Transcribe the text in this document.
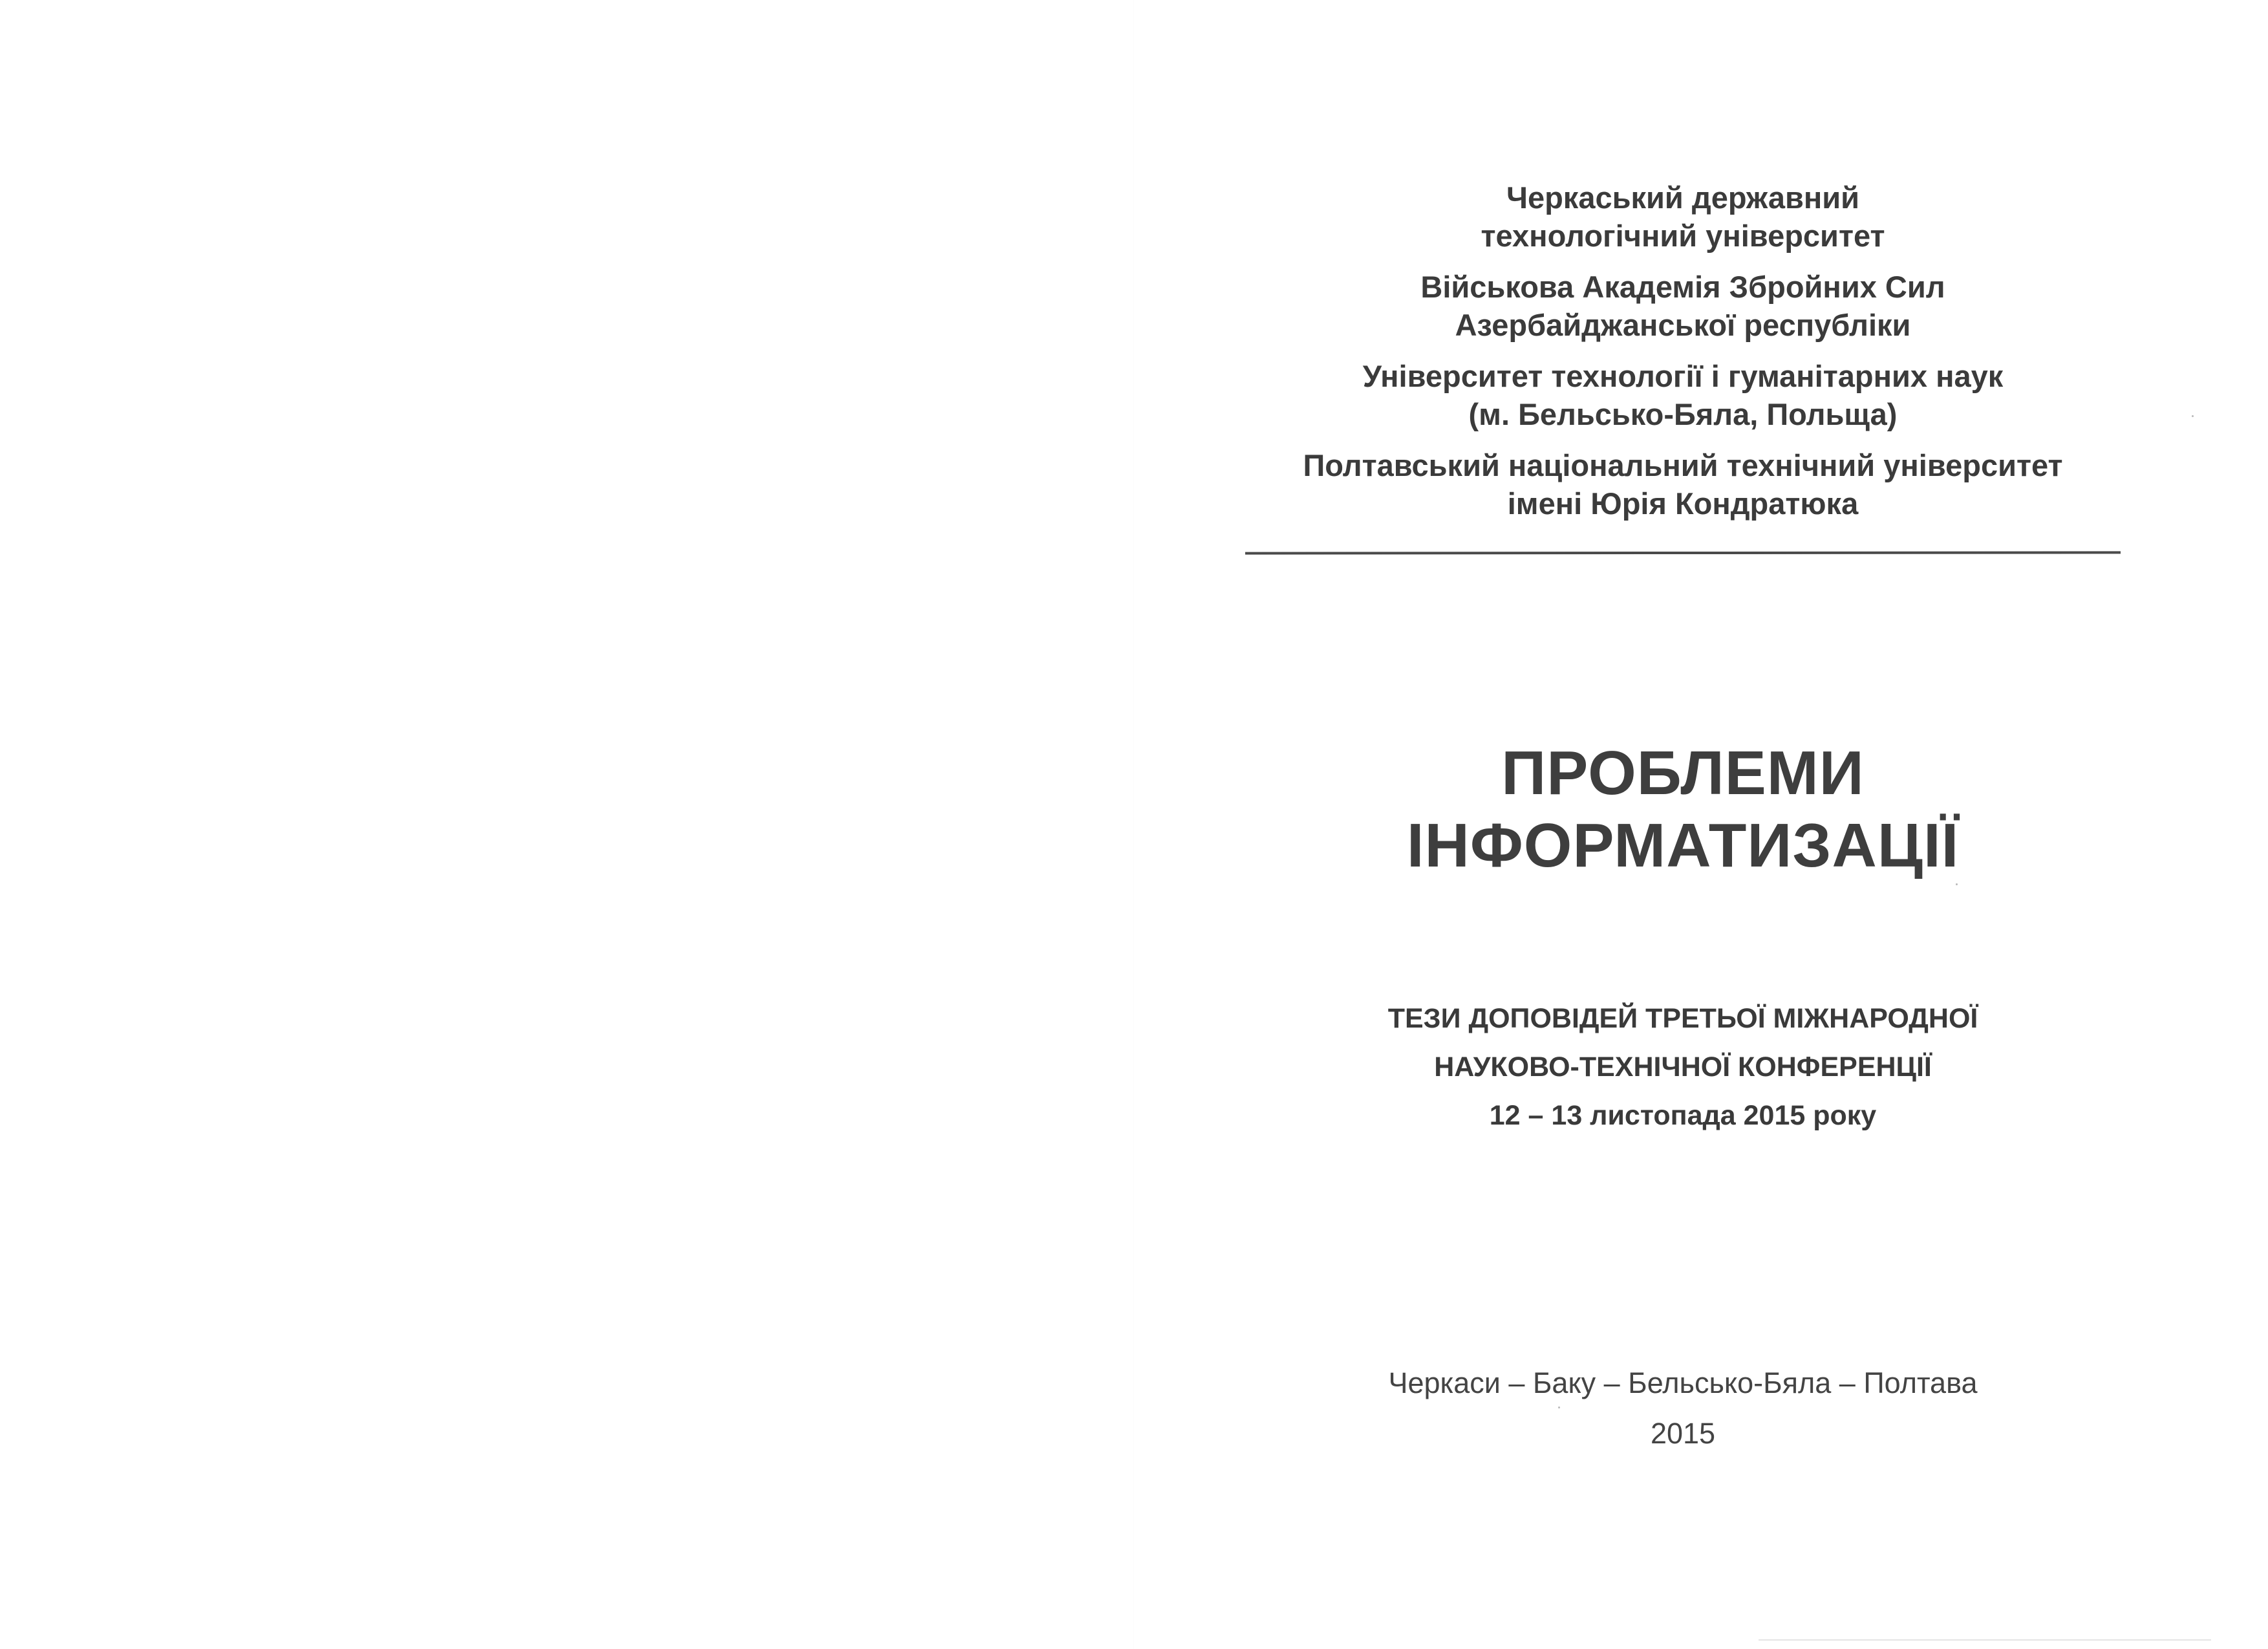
Черкаський державний
технологічний університет
Військова Академія Збройних Сил
Азербайджанської республіки
Університет технології і гуманітарних наук
(м. Бельсько-Бяла, Польща)
Полтавський національний технічний університет
імені Юрія Кондратюка
ПРОБЛЕМИ
ІНФОРМАТИЗАЦІЇ
ТЕЗИ ДОПОВІДЕЙ ТРЕТЬОЇ МІЖНАРОДНОЇ
НАУКОВО-ТЕХНІЧНОЇ КОНФЕРЕНЦІЇ
12 – 13 листопада 2015 року
Черкаси – Баку – Бельсько-Бяла – Полтава
2015
